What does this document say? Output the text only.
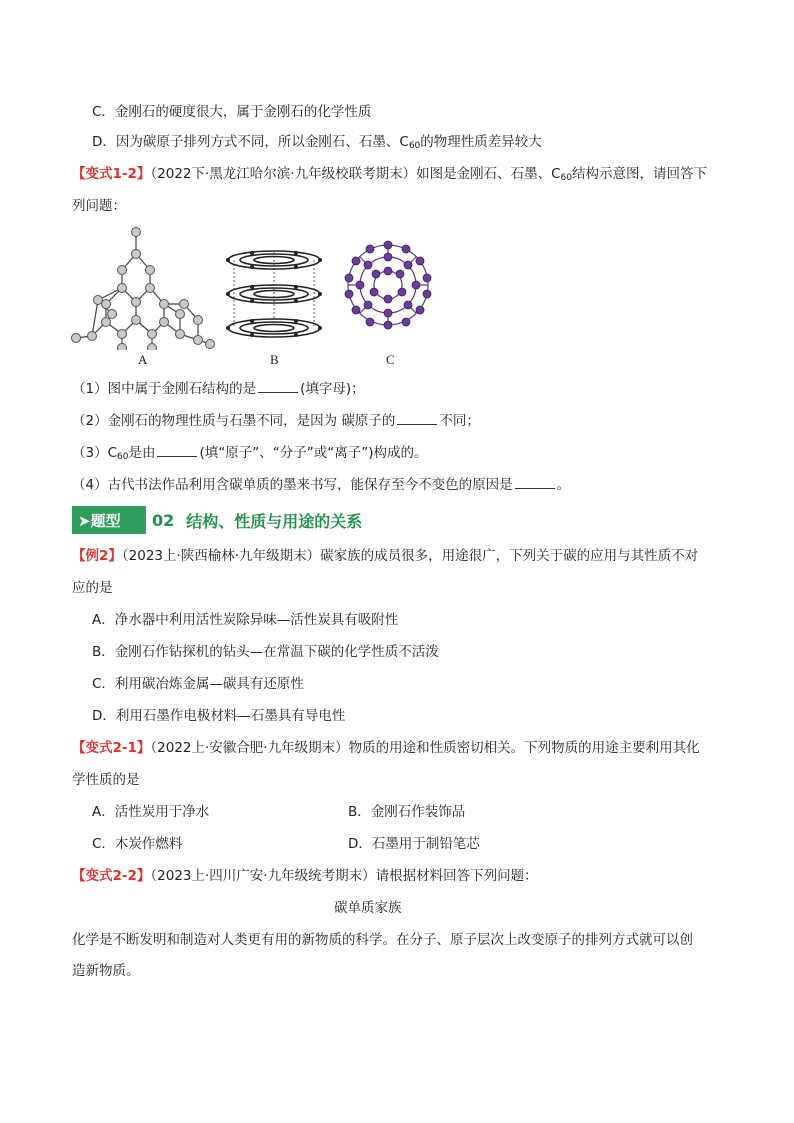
C．金刚石的硬度很大，属于金刚石的化学性质
D．因为碳原子排列方式不同，所以金刚石、石墨、$C_{60}$的物理性质差异较大
【变式1-2】（2022下·黑龙江哈尔滨·九年级校联考期末）如图是金刚石、石墨、$C_{60}$结构示意图，请回答下
列问题：
A	B	C
（1）图中属于金刚石结构的是	(填字母)；
（2）金刚石的物理性质与石墨不同，是因为 碳原子的	不同；
$(3)C_{60}$是由	(填“原子”、“分子”或“离子”)构成的。
（4）古代书法作品利用含碳单质的墨来书写，能保存至今不变色的原因是	。
➤题型	02 结构、性质与用途的关系
【例2】（2023上·陕西榆林·九年级期末）碳家族的成员很多，用途很广，下列关于碳的应用与其性质不对
应的是
A．净水器中利用活性炭除异味—活性炭具有吸附性
B．金刚石作钻探机的钻头—在常温下碳的化学性质不活泼
C．利用碳冶炼金属—碳具有还原性
D．利用石墨作电极材料—石墨具有导电性
【变式2-1】（2022上·安徽合肥·九年级期末）物质的用途和性质密切相关。下列物质的用途主要利用其化
学性质的是
A．活性炭用于净水	B．金刚石作装饰品
C．木炭作燃料	D．石墨用于制铅笔芯
【变式2-2】（2023上·四川广安·九年级统考期末）请根据材料回答下列问题：
碳单质家族
化学是不断发明和制造对人类更有用的新物质的科学。在分子、原子层次上改变原子的排列方式就可以创
造新物质。
